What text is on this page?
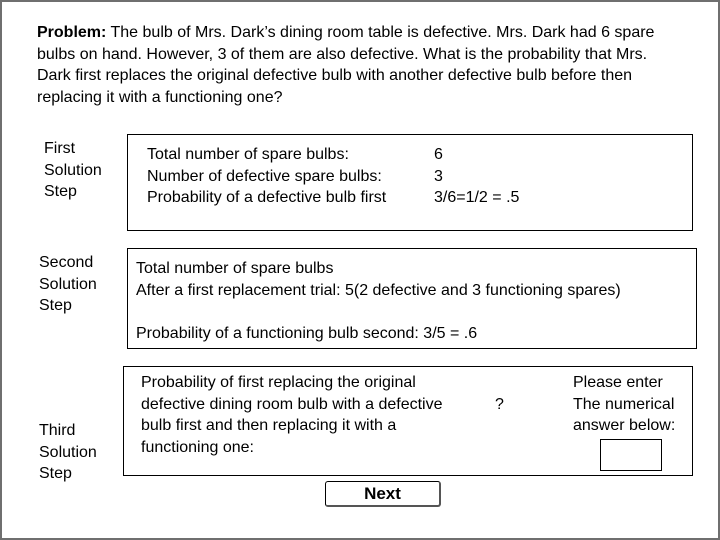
Problem: The bulb of Mrs. Dark’s dining room table is defective. Mrs. Dark had 6 spare bulbs on hand. However, 3 of them are also defective. What is the probability that Mrs. Dark first replaces the original defective bulb with another defective bulb before then replacing it with a functioning one?
First
Solution
Step
Total number of spare bulbs:	6
Number of defective spare bulbs:	3
Probability of a defective bulb first	3/6=1/2 = .5
Second
Solution
Step
Total number of spare bulbs
After a first replacement trial: 5(2 defective and 3 functioning spares)
Probability of a functioning bulb second: 3/5 = .6
Third
Solution
Step
Probability of first replacing the original
defective dining room bulb with a defective
bulb first and then replacing it with a
functioning one:
?
Please enter
The numerical
answer below:
Next
